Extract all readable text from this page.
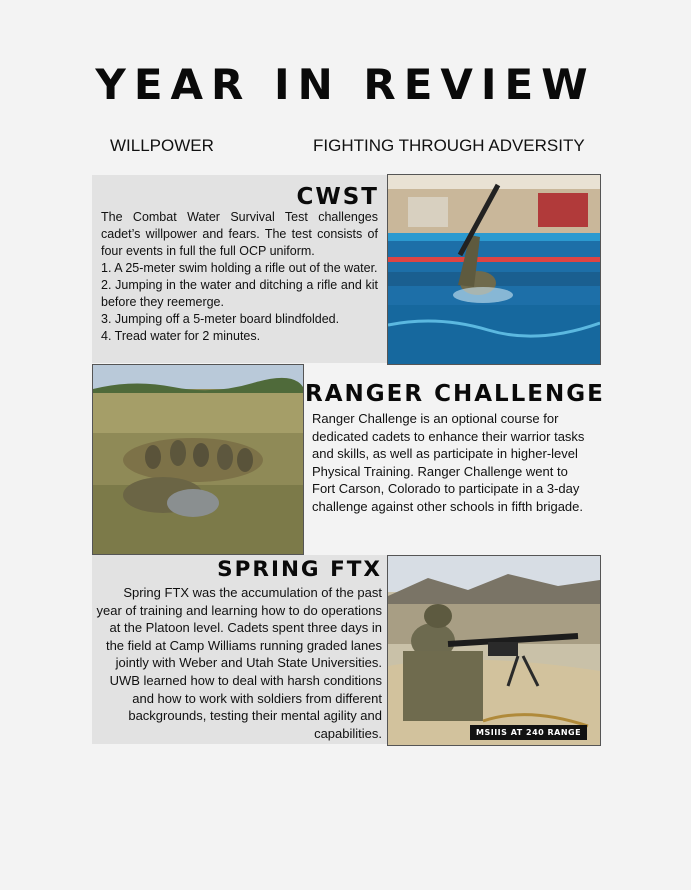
YEAR IN REVIEW
WILLPOWER	FIGHTING THROUGH ADVERSITY
CWST

The Combat Water Survival Test challenges cadet’s willpower and fears. The test consists of four events in full the full OCP uniform.

1. A 25-meter swim holding a rifle out of the water.

2. Jumping in the water and ditching a rifle and kit before they reemerge.

3. Jumping off a 5-meter board blindfolded.

4. Tread water for 2 minutes.

RANGER CHALLENGE
Ranger Challenge is an optional course for dedicated cadets to enhance their warrior tasks and skills, as well as participate in higher-level Physical Training. Ranger Challenge went to Fort Carson, Colorado to participate in a 3-day challenge against other schools in fifth brigade.
SPRING FTX
Spring FTX was the accumulation of the past year of training and learning how to do operations at the Platoon level. Cadets spent three days in the field at Camp Williams running graded lanes jointly with Weber and Utah State Universities. UWB learned how to deal with harsh conditions and how to work with soldiers from different backgrounds, testing their mental agility and capabilities.	MSIIIS AT 240 RANGE
